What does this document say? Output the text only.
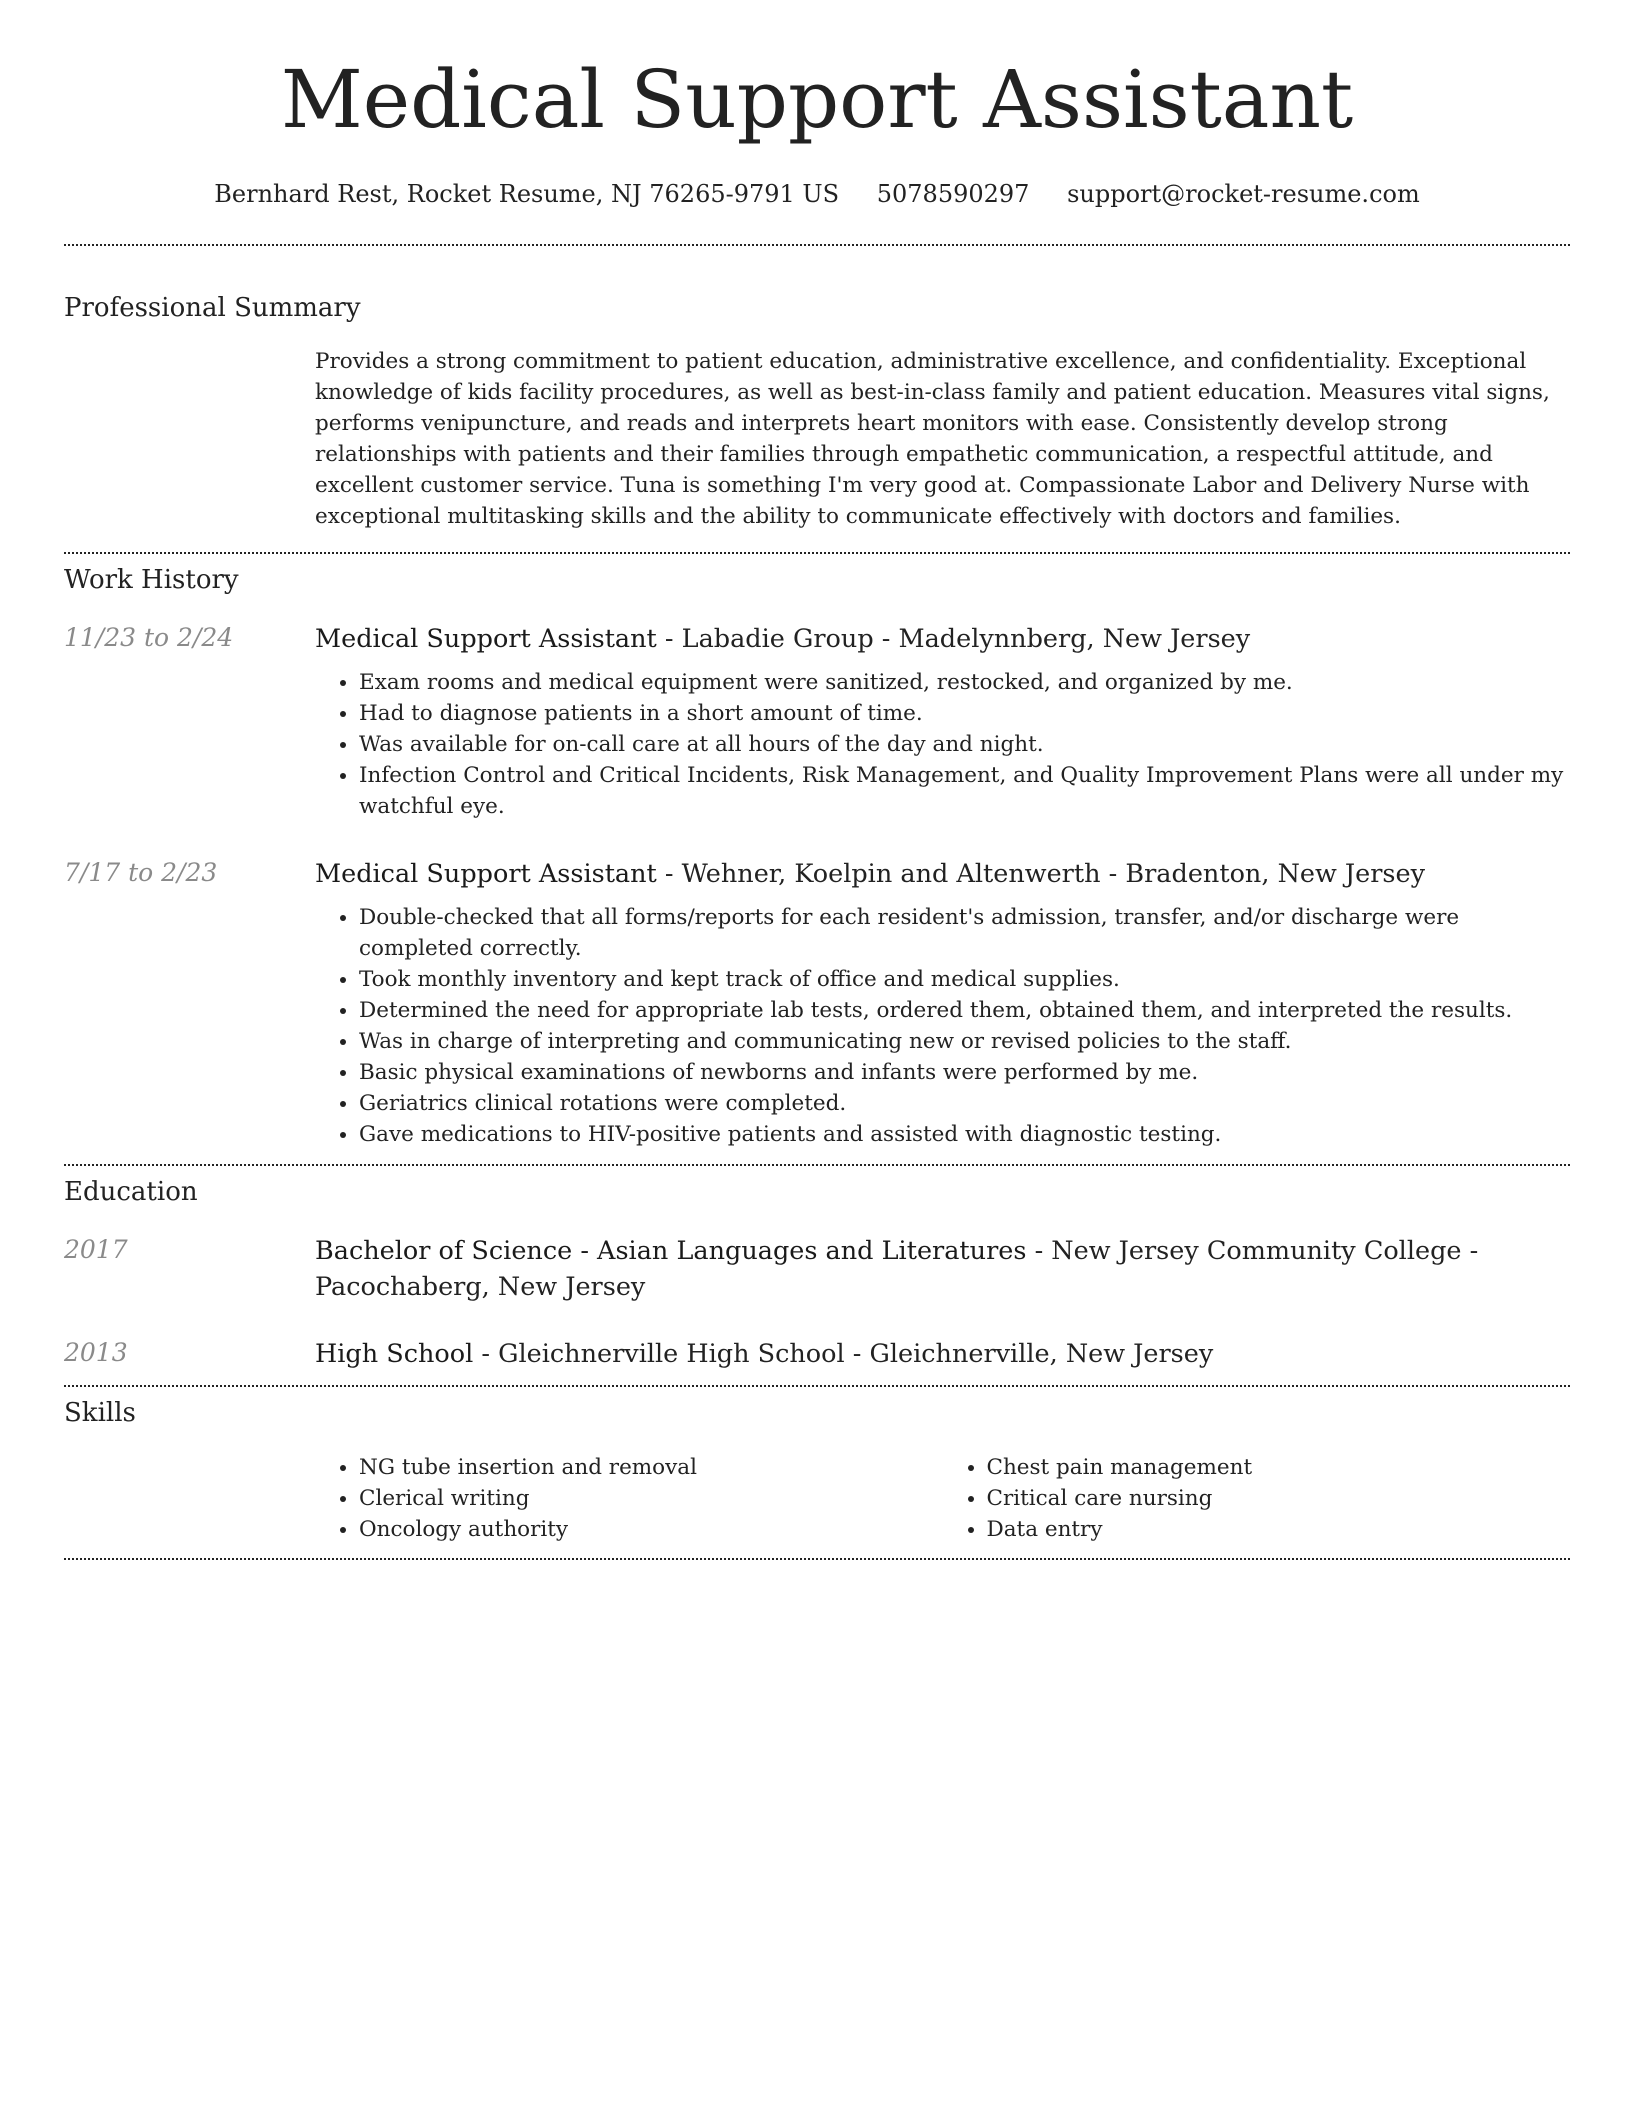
Medical Support Assistant
Bernhard Rest, Rocket Resume, NJ 76265-9791 US 5078590297 support@rocket-resume.com
Professional Summary
Provides a strong commitment to patient education, administrative excellence, and confidentiality. Exceptional knowledge of kids facility procedures, as well as best-in-class family and patient education. Measures vital signs, performs venipuncture, and reads and interprets heart monitors with ease. Consistently develop strong relationships with patients and their families through empathetic communication, a respectful attitude, and excellent customer service. Tuna is something I'm very good at. Compassionate Labor and Delivery Nurse with exceptional multitasking skills and the ability to communicate effectively with doctors and families.
Work History
11/23 to 2/24	Medical Support Assistant - Labadie Group - Madelynnberg, New Jersey
• Exam rooms and medical equipment were sanitized, restocked, and organized by me.
• Had to diagnose patients in a short amount of time.
• Was available for on-call care at all hours of the day and night.
• Infection Control and Critical Incidents, Risk Management, and Quality Improvement Plans were all under my watchful eye.
7/17 to 2/23	Medical Support Assistant - Wehner, Koelpin and Altenwerth - Bradenton, New Jersey
• Double-checked that all forms/reports for each resident's admission, transfer, and/or discharge were completed correctly.
• Took monthly inventory and kept track of office and medical supplies.
• Determined the need for appropriate lab tests, ordered them, obtained them, and interpreted the results.
• Was in charge of interpreting and communicating new or revised policies to the staff.
• Basic physical examinations of newborns and infants were performed by me.
• Geriatrics clinical rotations were completed.
• Gave medications to HIV-positive patients and assisted with diagnostic testing.
Education
2017	Bachelor of Science - Asian Languages and Literatures - New Jersey Community College - Pacochaberg, New Jersey
2013	High School - Gleichnerville High School - Gleichnerville, New Jersey
Skills
• NG tube insertion and removal
• Clerical writing
• Oncology authority
• Chest pain management
• Critical care nursing
• Data entry
